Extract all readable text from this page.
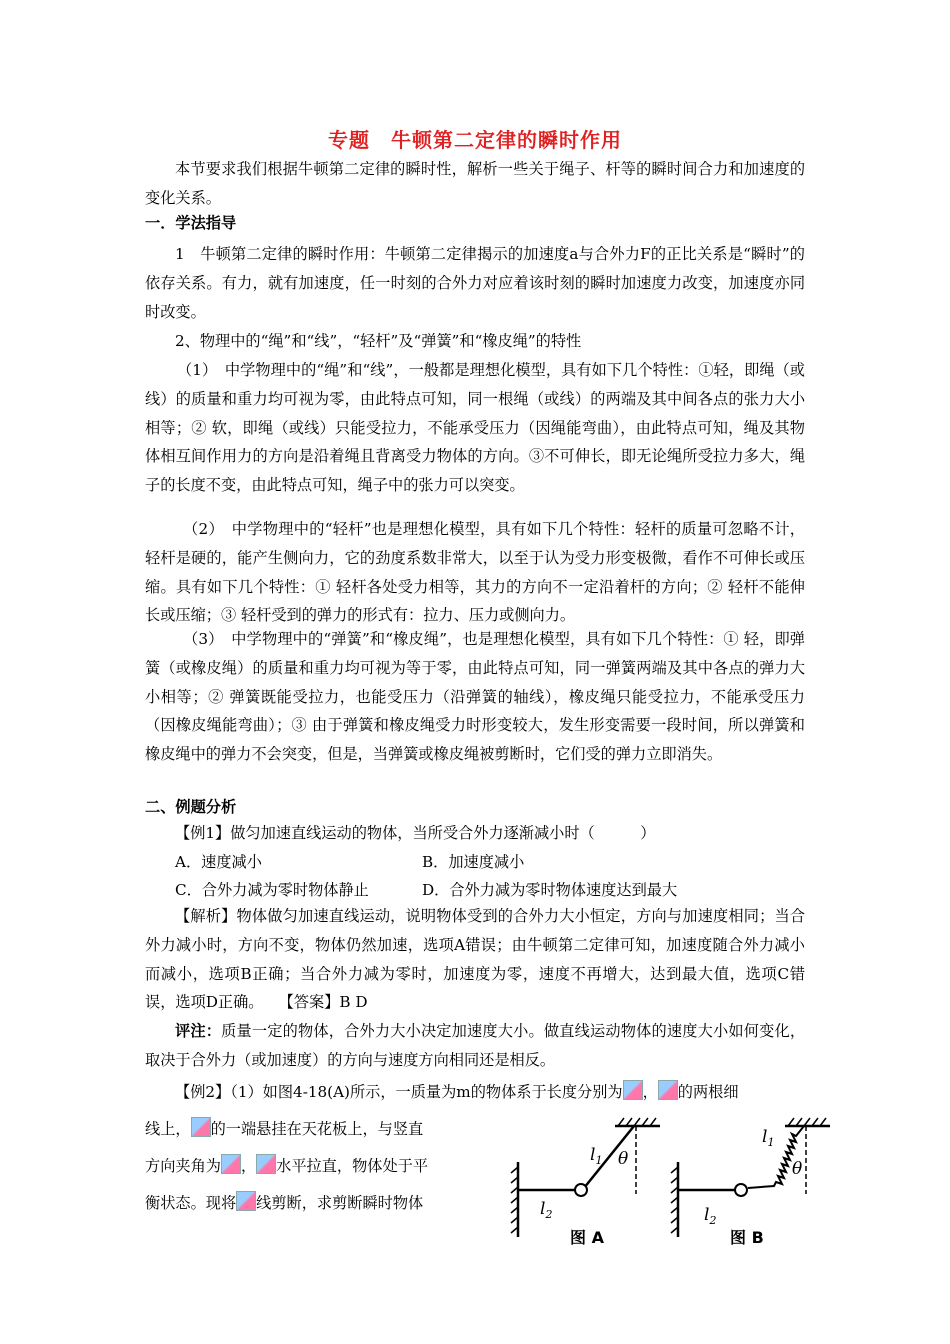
专题　牛顿第二定律的瞬时作用

本节要求我们根据牛顿第二定律的瞬时性，解析一些关于绳子、杆等的瞬时间合力和加速度的变化关系。

一．学法指导

1　牛顿第二定律的瞬时作用：牛顿第二定律揭示的加速度a与合外力F的正比关系是“瞬时”的依存关系。有力，就有加速度，任一时刻的合外力对应着该时刻的瞬时加速度力改变，加速度亦同时改变。

2、物理中的“绳”和“线”，“轻杆”及“弹簧”和“橡皮绳”的特性

（1）　中学物理中的“绳”和“线”，一般都是理想化模型，具有如下几个特性：①轻，即绳（或线）的质量和重力均可视为零，由此特点可知，同一根绳（或线）的两端及其中间各点的张力大小相等；② 软，即绳（或线）只能受拉力，不能承受压力（因绳能弯曲），由此特点可知，绳及其物体相互间作用力的方向是沿着绳且背离受力物体的方向。③不可伸长，即无论绳所受拉力多大，绳子的长度不变，由此特点可知，绳子中的张力可以突变。

（2）　中学物理中的“轻杆”也是理想化模型，具有如下几个特性：轻杆的质量可忽略不计，轻杆是硬的，能产生侧向力，它的劲度系数非常大，以至于认为受力形变极微，看作不可伸长或压缩。具有如下几个特性：① 轻杆各处受力相等，其力的方向不一定沿着杆的方向；② 轻杆不能伸长或压缩；③ 轻杆受到的弹力的形式有：拉力、压力或侧向力。

（3）　中学物理中的“弹簧”和“橡皮绳”，也是理想化模型，具有如下几个特性：① 轻，即弹簧（或橡皮绳）的质量和重力均可视为等于零，由此特点可知，同一弹簧两端及其中各点的弹力大小相等；② 弹簧既能受拉力，也能受压力（沿弹簧的轴线），橡皮绳只能受拉力，不能承受压力（因橡皮绳能弯曲）；③ 由于弹簧和橡皮绳受力时形变较大，发生形变需要一段时间，所以弹簧和橡皮绳中的弹力不会突变，但是，当弹簧或橡皮绳被剪断时，它们受的弹力立即消失。

二、例题分析
【例1】做匀加速直线运动的物体，当所受合外力逐渐减小时（　　　）
A．速度减小	B．加速度减小
C．合外力减为零时物体静止	D．合外力减为零时物体速度达到最大

【解析】物体做匀加速直线运动，说明物体受到的合外力大小恒定，方向与加速度相同；当合外力减小时，方向不变，物体仍然加速，选项A错误；由牛顿第二定律可知，加速度随合外力减小而减小，选项B正确；当合外力减为零时，加速度为零，速度不再增大，达到最大值，选项C错误，选项D正确。　　【答案】B D

评注：质量一定的物体，合外力大小决定加速度大小。做直线运动物体的速度大小如何变化，取决于合外力（或加速度）的方向与速度方向相同还是相反。

【例2】（1）如图4-18(A)所示，一质量为m的物体系于长度分别为 ， 的两根细
线上， 的一端悬挂在天花板上，与竖直
方向夹角为 ， 水平拉直，物体处于平
衡状态。现将 线剪断，求剪断瞬时物体
$l_1$ θ
$l_2$
图 A
$l_1$
θ
$l_2$
图 B
